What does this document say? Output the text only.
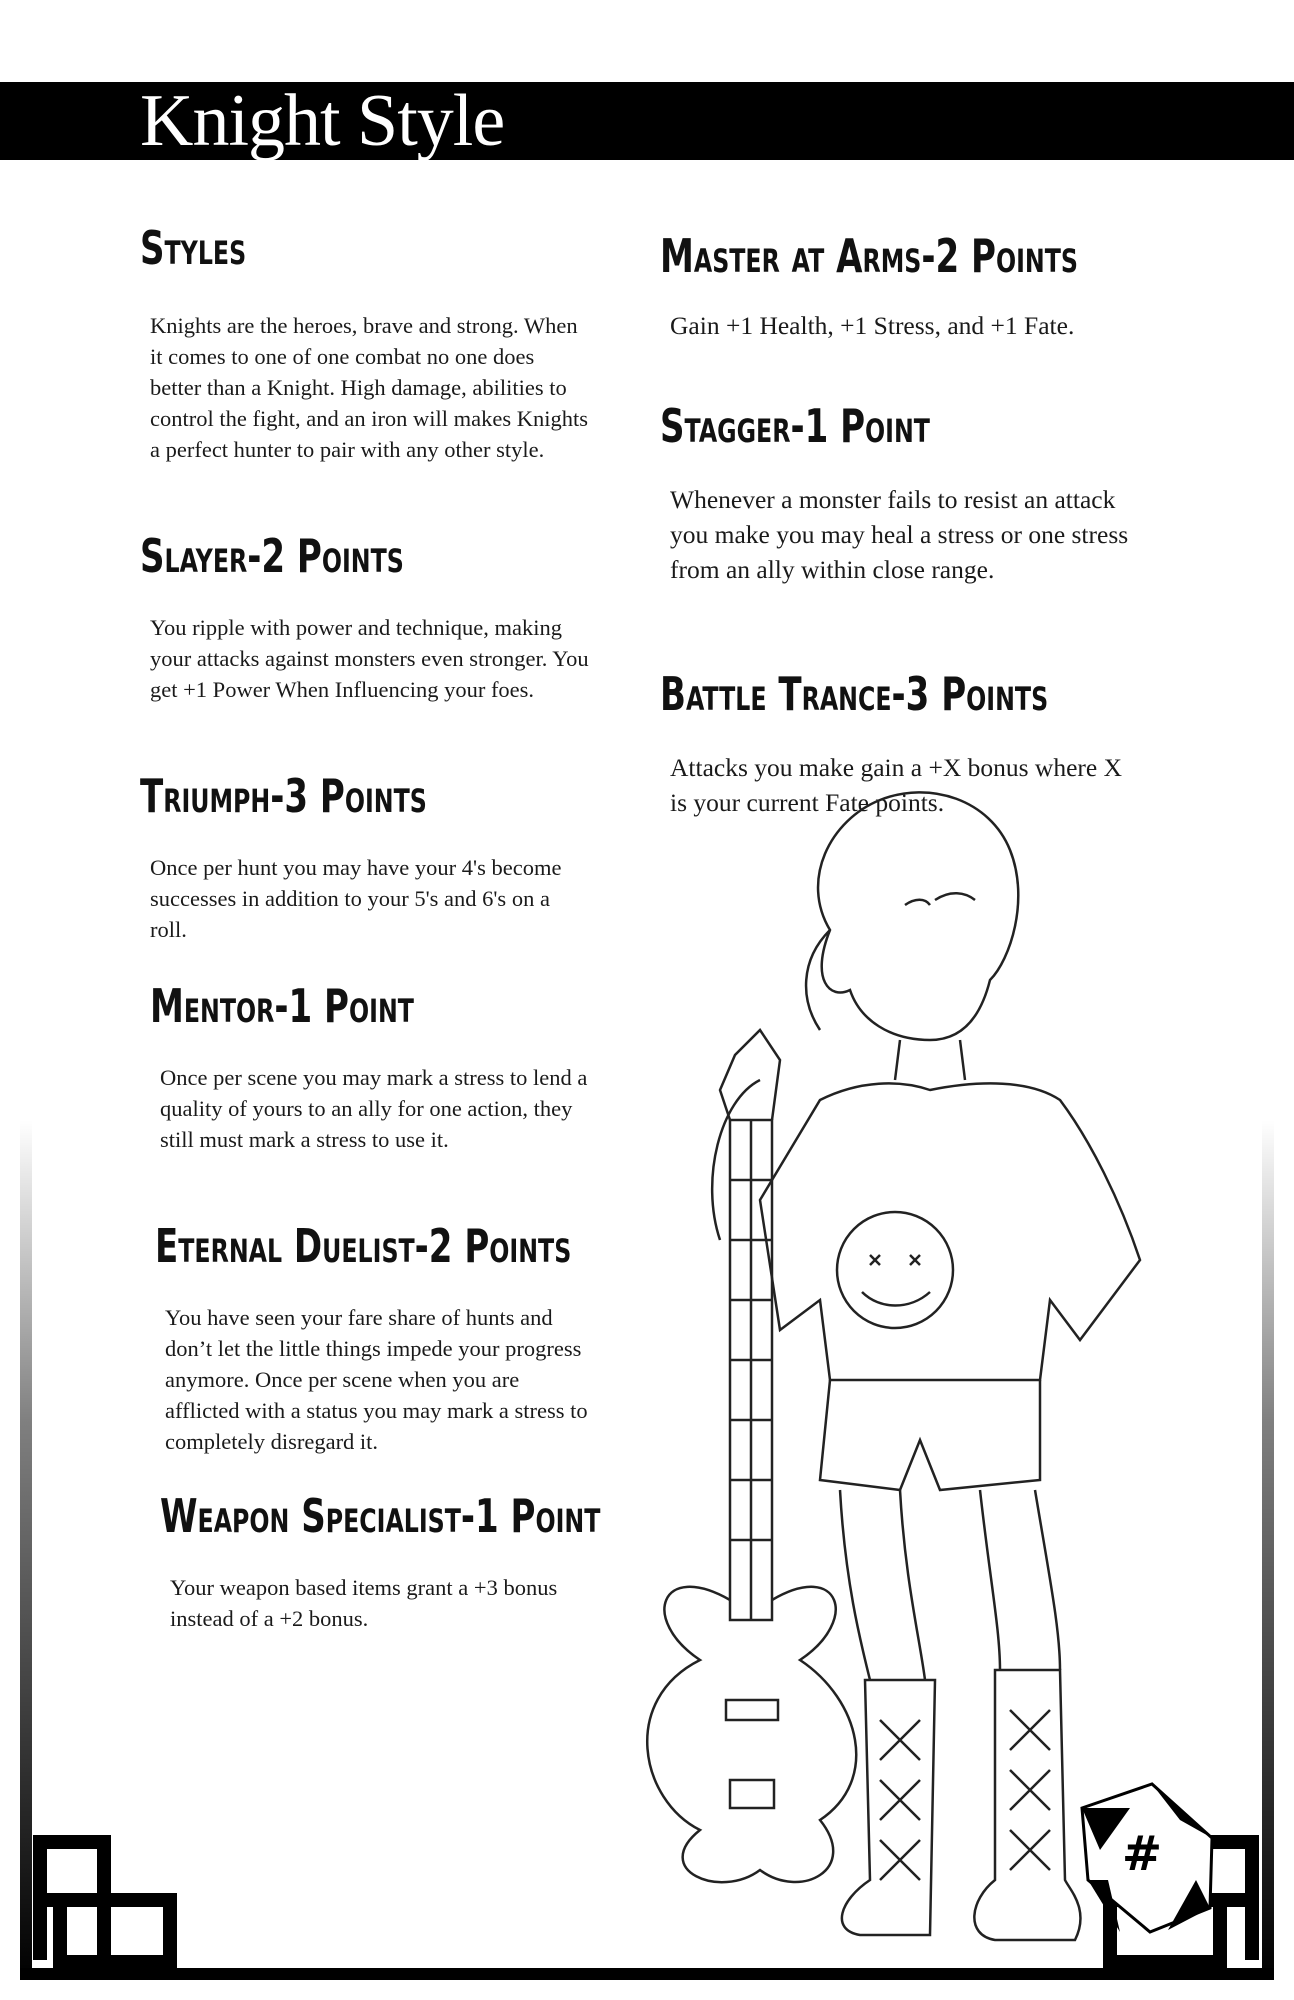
Knight Style
Styles

Knights are the heroes, brave and strong. When it comes to one of one combat no one does better than a Knight. High damage, abilities to control the fight, and an iron will makes Knights a perfect hunter to pair with any other style.

Slayer-2 Points

You ripple with power and technique, making your attacks against monsters even stronger. You get +1 Power When Influencing your foes.

Triumph-3 Points

Once per hunt you may have your 4's become successes in addition to your 5's and 6's on a roll.

Mentor-1 Point

Once per scene you may mark a stress to lend a quality of yours to an ally for one action, they still must mark a stress to use it.

Eternal Duelist-2 Points

You have seen your fare share of hunts and don’t let the little things impede your progress anymore. Once per scene when you are afflicted with a status you may mark a stress to completely disregard it.

Weapon Specialist-1 Point

Your weapon based items grant a +3 bonus instead of a +2 bonus.

Master at Arms-2 Points

Gain +1 Health, +1 Stress, and +1 Fate.

Stagger-1 Point

Whenever a monster fails to resist an attack you make you may heal a stress or one stress from an ally within close range.

Battle Trance-3 Points

Attacks you make gain a +X bonus where X is your current Fate points.

#
